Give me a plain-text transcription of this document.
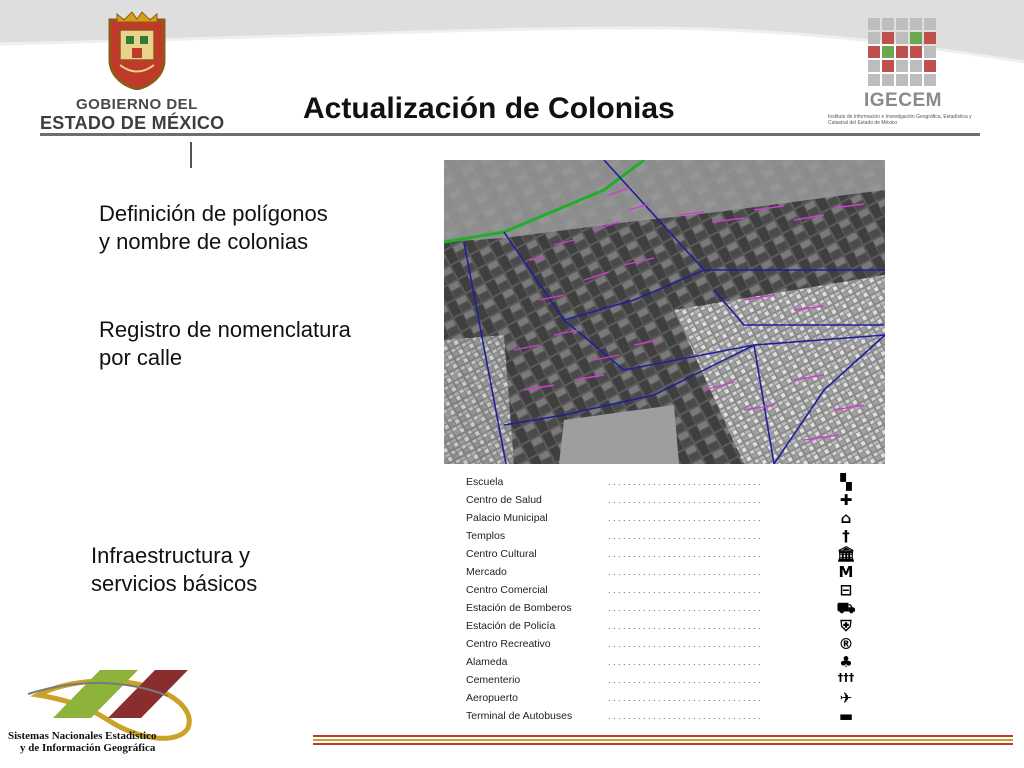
GOBIERNO DEL
ESTADO DE MÉXICO	Actualización de Colonias	IGECEM
Instituto de Información e Investigación Geográfica, Estadística y Catastral del Estado de México
Definición de polígonos
y nombre de colonias
Registro de nomenclatura
por calle
Infraestructura y
servicios básicos
Escuela	...............................	▝▖
Centro de Salud	...............................	✚
Palacio Municipal	...............................	⌂
Templos	...............................	†
Centro Cultural	...............................	🏛
Mercado	...............................	M
Centro Comercial	...............................	⊟
Estación de Bomberos	...............................	⛟
Estación de Policía	...............................	⛨
Centro Recreativo	...............................	®
Alameda	...............................	♣
Cementerio	...............................	†††
Aeropuerto	...............................	✈
Terminal de Autobuses	...............................	▬
Sistemas Nacionales Estadístico
y de Información Geográfica
